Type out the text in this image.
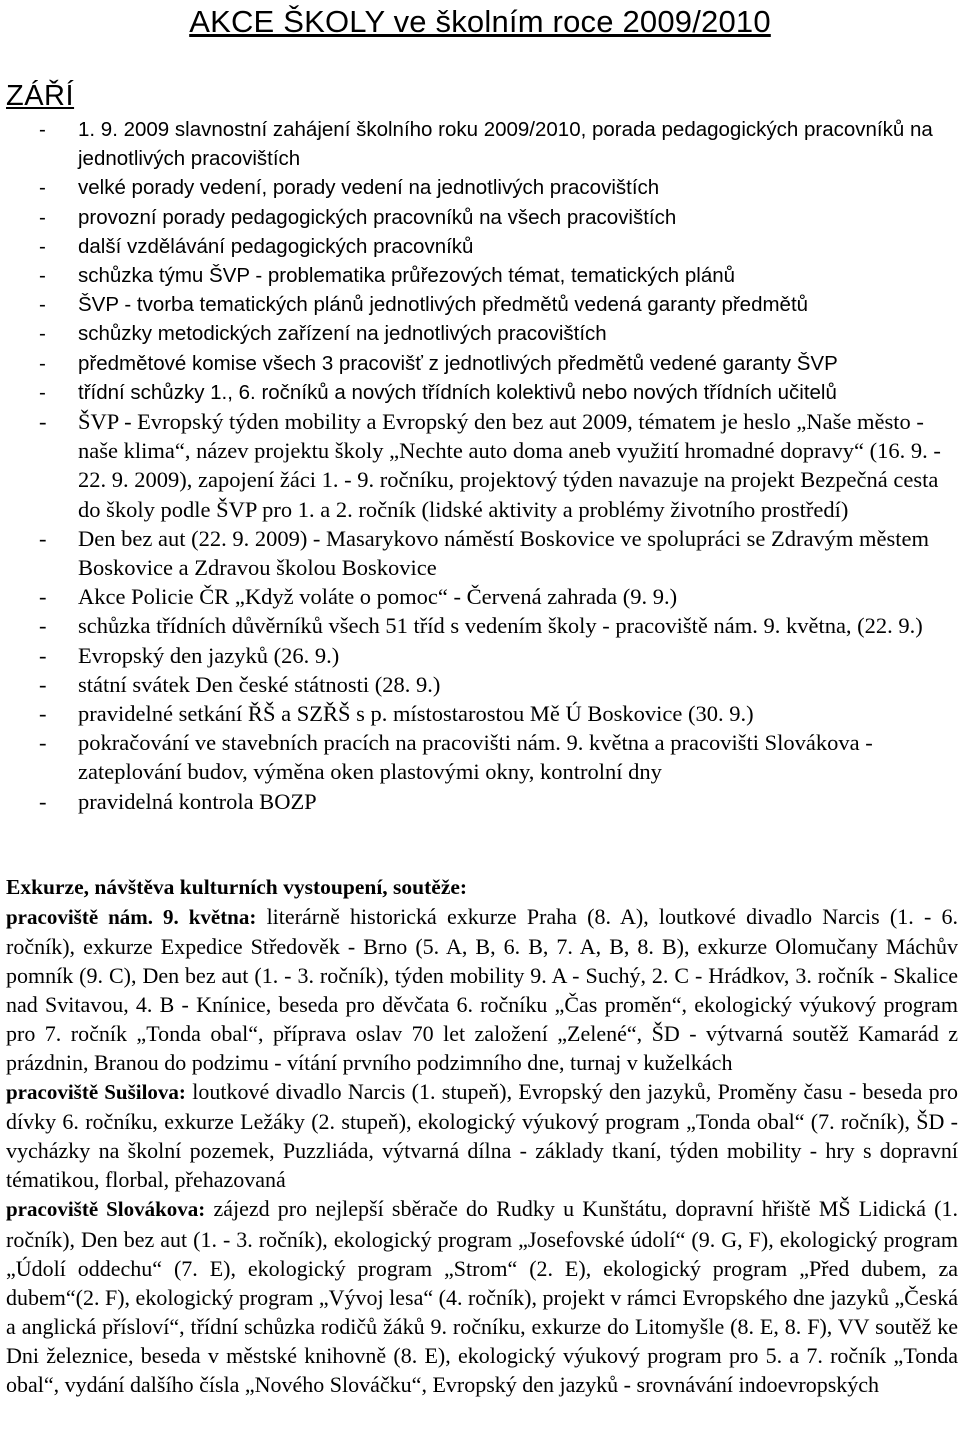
AKCE ŠKOLY ve školním roce 2009/2010
ZÁŘÍ
- 1. 9. 2009 slavnostní zahájení školního roku 2009/2010, porada pedagogických pracovníků na jednotlivých pracovištích
- velké porady vedení, porady vedení na jednotlivých pracovištích
- provozní porady pedagogických pracovníků na všech pracovištích
- další vzdělávání pedagogických pracovníků
- schůzka týmu ŠVP - problematika průřezových témat, tematických plánů
- ŠVP - tvorba tematických plánů jednotlivých předmětů vedená garanty předmětů
- schůzky metodických zařízení na jednotlivých pracovištích
- předmětové komise všech 3 pracovišť z jednotlivých předmětů vedené garanty ŠVP
- třídní schůzky 1., 6. ročníků a nových třídních kolektivů nebo nových třídních učitelů
- ŠVP - Evropský týden mobility a Evropský den bez aut 2009, tématem je heslo „Naše město - naše klima“, název projektu školy „Nechte auto doma aneb využití hromadné dopravy“ (16. 9. - 22. 9. 2009), zapojení žáci 1. - 9. ročníku, projektový týden navazuje na projekt Bezpečná cesta do školy podle ŠVP pro 1. a 2. ročník (lidské aktivity a problémy životního prostředí)
- Den bez aut (22. 9. 2009) - Masarykovo náměstí Boskovice ve spolupráci se Zdravým městem Boskovice a Zdravou školou Boskovice
- Akce Policie ČR „Když voláte o pomoc“ - Červená zahrada (9. 9.)
- schůzka třídních důvěrníků všech 51 tříd s vedením školy - pracoviště nám. 9. května, (22. 9.)
- Evropský den jazyků (26. 9.)
- státní svátek Den české státnosti (28. 9.)
- pravidelné setkání ŘŠ a SZŘŠ s p. místostarostou Mě Ú Boskovice (30. 9.)
- pokračování ve stavebních pracích na pracovišti nám. 9. května a pracovišti Slovákova - zateplování budov, výměna oken plastovými okny, kontrolní dny
- pravidelná kontrola BOZP
Exkurze, návštěva kulturních vystoupení, soutěže:

pracoviště nám. 9. května: literárně historická exkurze Praha (8. A), loutkové divadlo Narcis (1. - 6. ročník), exkurze Expedice Středověk - Brno (5. A, B, 6. B, 7. A, B, 8. B), exkurze Olomučany Máchův pomník (9. C), Den bez aut (1. - 3. ročník), týden mobility 9. A - Suchý, 2. C - Hrádkov, 3. ročník - Skalice nad Svitavou, 4. B - Knínice, beseda pro děvčata 6. ročníku „Čas proměn“, ekologický výukový program pro 7. ročník „Tonda obal“, příprava oslav 70 let založení „Zelené“, ŠD - výtvarná soutěž Kamarád z prázdnin, Branou do podzimu - vítání prvního podzimního dne, turnaj v kuželkách

pracoviště Sušilova: loutkové divadlo Narcis (1. stupeň), Evropský den jazyků, Proměny času - beseda pro dívky 6. ročníku, exkurze Ležáky (2. stupeň), ekologický výukový program „Tonda obal“ (7. ročník), ŠD - vycházky na školní pozemek, Puzzliáda, výtvarná dílna - základy tkaní, týden mobility - hry s dopravní tématikou, florbal, přehazovaná

pracoviště Slovákova: zájezd pro nejlepší sběrače do Rudky u Kunštátu, dopravní hřiště MŠ Lidická (1. ročník), Den bez aut (1. - 3. ročník), ekologický program „Josefovské údolí“ (9. G, F), ekologický program „Údolí oddechu“ (7. E), ekologický program „Strom“ (2. E), ekologický program „Před dubem, za dubem“(2. F), ekologický program „Vývoj lesa“ (4. ročník), projekt v rámci Evropského dne jazyků „Česká a anglická přísloví“, třídní schůzka rodičů žáků 9. ročníku, exkurze do Litomyšle (8. E, 8. F), VV soutěž ke Dni železnice, beseda v městské knihovně (8. E), ekologický výukový program pro 5. a 7. ročník „Tonda obal“, vydání dalšího čísla „Nového Slováčku“, Evropský den jazyků - srovnávání indoevropských
